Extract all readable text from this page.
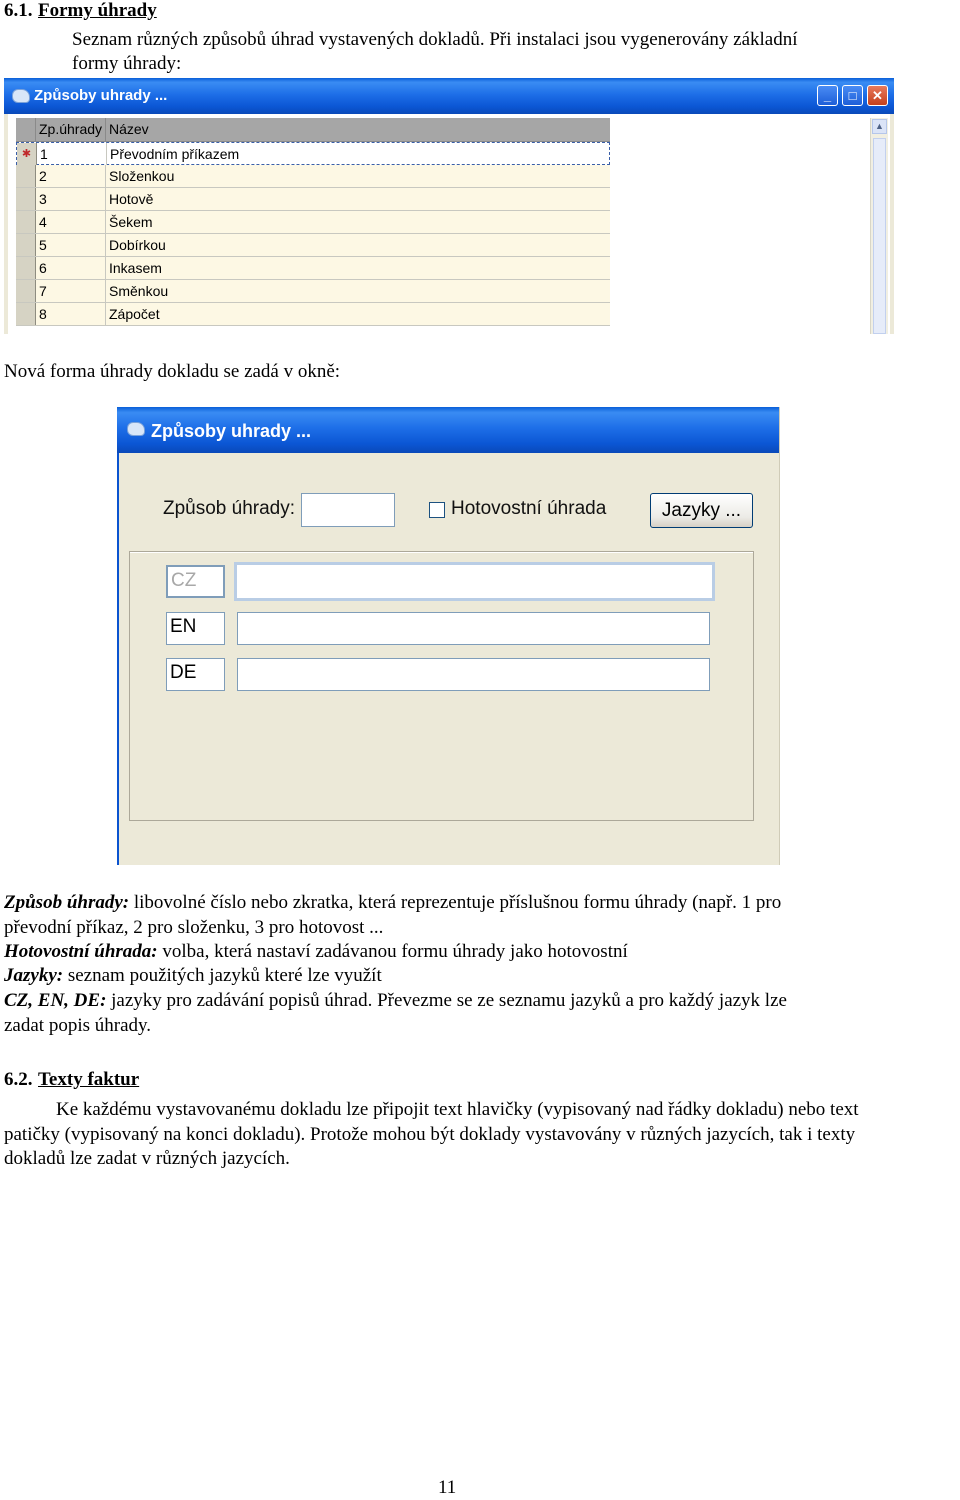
6.1. Formy úhrady
Seznam různých způsobů úhrad vystavených dokladů. Při instalaci jsou vygenerovány základní
formy úhrady:
Způsoby uhrady ...	_	□	✕
Zp.úhrady Název
✱ 1	Převodním příkazem
2	Složenkou
3	Hotově
4	Šekem
5	Dobírkou
6	Inkasem
7	Směnkou
8	Zápočet
▲
Nová forma úhrady dokladu se zadá v okně:
Způsoby uhrady ...
Způsob úhrady:	Hotovostní úhrada	Jazyky ...
CZ
EN
DE
Způsob úhrady: libovolné číslo nebo zkratka, která reprezentuje příslušnou formu úhrady (např. 1 pro
převodní příkaz, 2 pro složenku, 3 pro hotovost ...
Hotovostní úhrada: volba, která nastaví zadávanou formu úhrady jako hotovostní
Jazyky: seznam použitých jazyků které lze využít
CZ, EN, DE: jazyky pro zadávání popisů úhrad. Převezme se ze seznamu jazyků a pro každý jazyk lze
zadat popis úhrady.
6.2. Texty faktur
Ke každému vystavovanému dokladu lze připojit text hlavičky (vypisovaný nad řádky dokladu) nebo text
patičky (vypisovaný na konci dokladu). Protože mohou být doklady vystavovány v různých jazycích, tak i texty
dokladů lze zadat v různých jazycích.
11
